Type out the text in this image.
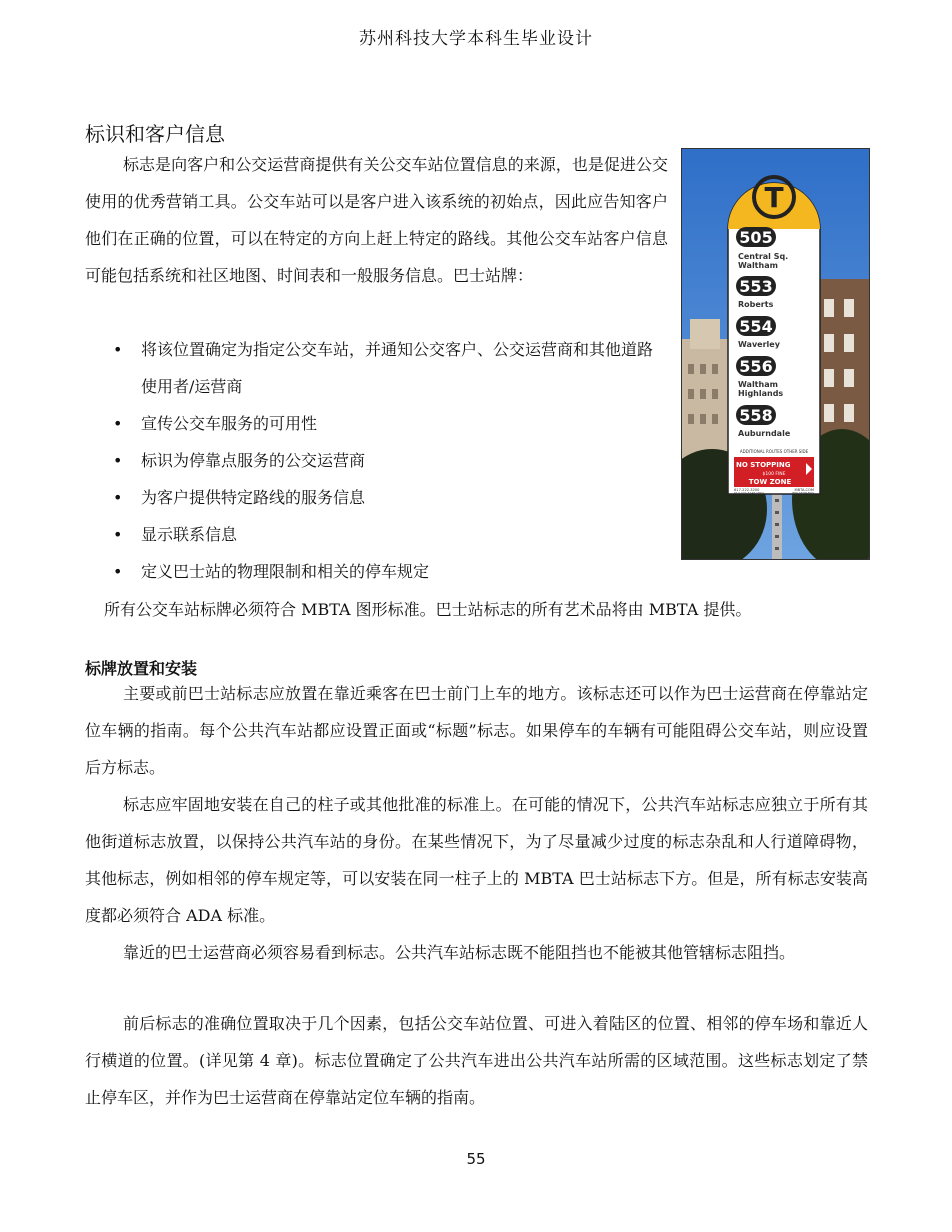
苏州科技大学本科生毕业设计
标识和客户信息
标志是向客户和公交运营商提供有关公交车站位置信息的来源，也是促进公交使用的优秀营销工具。公交车站可以是客户进入该系统的初始点，因此应告知客户他们在正确的位置，可以在特定的方向上赶上特定的路线。其他公交车站客户信息可能包括系统和社区地图、时间表和一般服务信息。巴士站牌：
T
505
Central Sq.
Waltham
553
Roberts
554
Waverley
556
Waltham
Highlands
558
Auburndale
ADDITIONAL ROUTES OTHER SIDE
NO STOPPING
$100 FINE
TOW ZONE
617-222-3200
617-222-5146 (TTY)
MBTA.COM
800-STOP-BUS
• 将该位置确定为指定公交车站，并通知公交客户、公交运营商和其他道路使用者/运营商
• 宣传公交车服务的可用性
• 标识为停靠点服务的公交运营商
• 为客户提供特定路线的服务信息
• 显示联系信息
• 定义巴士站的物理限制和相关的停车规定
所有公交车站标牌必须符合 MBTA 图形标准。巴士站标志的所有艺术品将由 MBTA 提供。
标牌放置和安装
主要或前巴士站标志应放置在靠近乘客在巴士前门上车的地方。该标志还可以作为巴士运营商在停靠站定位车辆的指南。每个公共汽车站都应设置正面或“标题”标志。如果停车的车辆有可能阻碍公交车站，则应设置后方标志。
标志应牢固地安装在自己的柱子或其他批准的标准上。在可能的情况下，公共汽车站标志应独立于所有其他街道标志放置，以保持公共汽车站的身份。在某些情况下，为了尽量减少过度的标志杂乱和人行道障碍物，其他标志，例如相邻的停车规定等，可以安装在同一柱子上的 MBTA 巴士站标志下方。但是，所有标志安装高度都必须符合 ADA 标准。
靠近的巴士运营商必须容易看到标志。公共汽车站标志既不能阻挡也不能被其他管辖标志阻挡。
前后标志的准确位置取决于几个因素，包括公交车站位置、可进入着陆区的位置、相邻的停车场和靠近人行横道的位置。(详见第 4 章)。标志位置确定了公共汽车进出公共汽车站所需的区域范围。这些标志划定了禁止停车区，并作为巴士运营商在停靠站定位车辆的指南。
55
